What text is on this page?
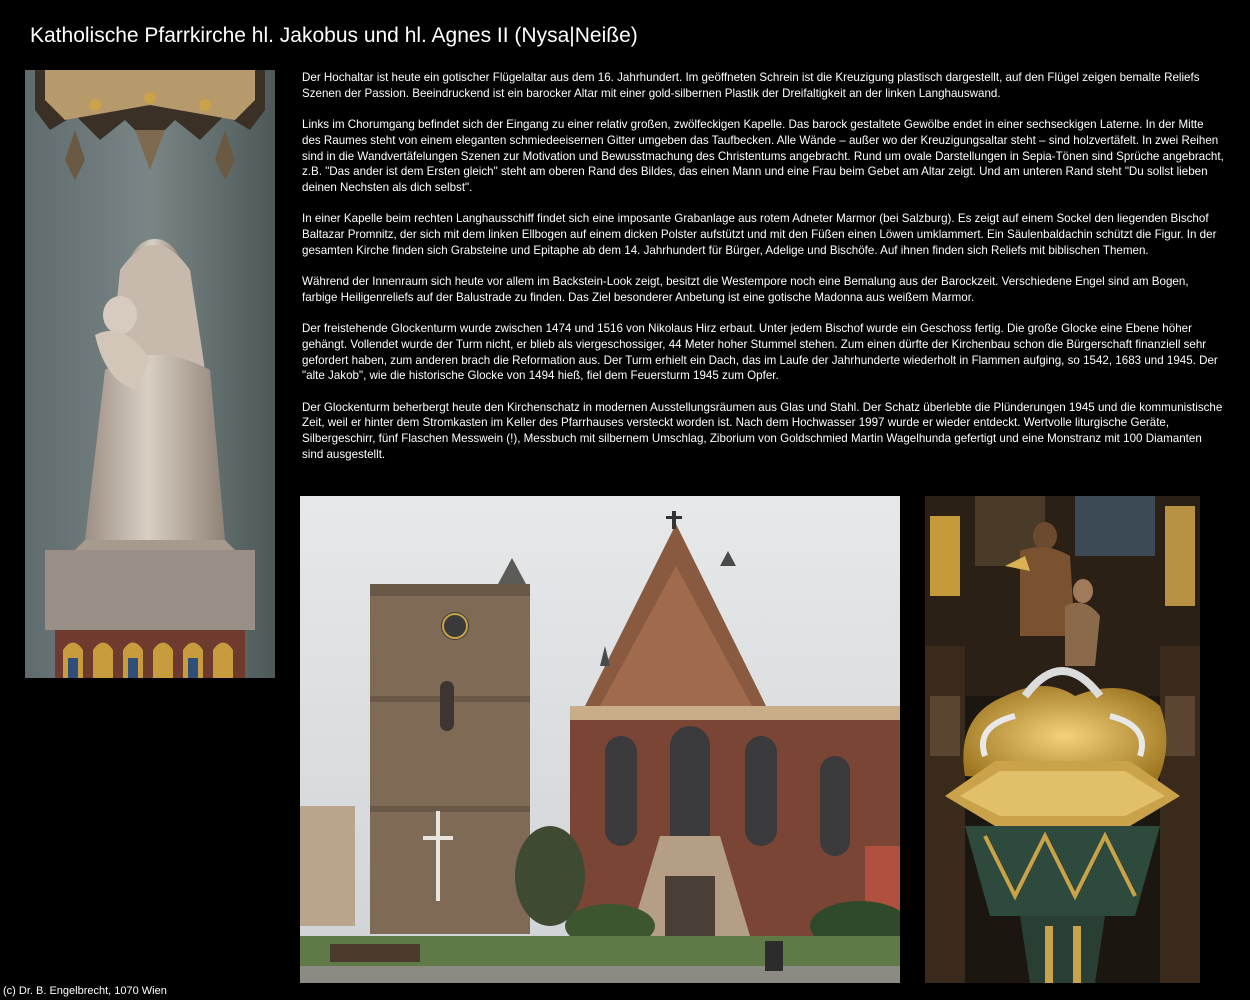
Katholische Pfarrkirche hl. Jakobus und hl. Agnes II (Nysa|Neiße)

Der Hochaltar ist heute ein gotischer Flügelaltar aus dem 16. Jahrhundert. Im geöffneten Schrein ist die Kreuzigung plastisch dargestellt, auf den Flügel zeigen bemalte Reliefs Szenen der Passion. Beeindruckend ist ein barocker Altar mit einer gold-silbernen Plastik der Dreifaltigkeit an der linken Langhauswand.

Links im Chorumgang befindet sich der Eingang zu einer relativ großen, zwölfeckigen Kapelle. Das barock gestaltete Gewölbe endet in einer sechseckigen Laterne. In der Mitte des Raumes steht von einem eleganten schmiedeeisernen Gitter umgeben das Taufbecken. Alle Wände – außer wo der Kreuzigungsaltar steht – sind holzvertäfelt. In zwei Reihen sind in die Wandvertäfelungen Szenen zur Motivation und Bewusstmachung des Christentums angebracht. Rund um ovale Darstellungen in Sepia-Tönen sind Sprüche angebracht, z.B. "Das ander ist dem Ersten gleich" steht am oberen Rand des Bildes, das einen Mann und eine Frau beim Gebet am Altar zeigt. Und am unteren Rand steht "Du sollst lieben deinen Nechsten als dich selbst".

In einer Kapelle beim rechten Langhausschiff findet sich eine imposante Grabanlage aus rotem Adneter Marmor (bei Salzburg). Es zeigt auf einem Sockel den liegenden Bischof Baltazar Promnitz, der sich mit dem linken Ellbogen auf einem dicken Polster aufstützt und mit den Füßen einen Löwen umklammert. Ein Säulenbaldachin schützt die Figur. In der gesamten Kirche finden sich Grabsteine und Epitaphe ab dem 14. Jahrhundert für Bürger, Adelige und Bischöfe. Auf ihnen finden sich Reliefs mit biblischen Themen.

Während der Innenraum sich heute vor allem im Backstein-Look zeigt, besitzt die Westempore noch eine Bemalung aus der Barockzeit. Verschiedene Engel sind am Bogen, farbige Heiligenreliefs auf der Balustrade zu finden. Das Ziel besonderer Anbetung ist eine gotische Madonna aus weißem Marmor.

Der freistehende Glockenturm wurde zwischen 1474 und 1516 von Nikolaus Hirz erbaut. Unter jedem Bischof wurde ein Geschoss fertig. Die große Glocke eine Ebene höher gehängt. Vollendet wurde der Turm nicht, er blieb als viergeschossiger, 44 Meter hoher Stummel stehen. Zum einen dürfte der Kirchenbau schon die Bürgerschaft finanziell sehr gefordert haben, zum anderen brach die Reformation aus. Der Turm erhielt ein Dach, das im Laufe der Jahrhunderte wiederholt in Flammen aufging, so 1542, 1683 und 1945. Der "alte Jakob", wie die historische Glocke von 1494 hieß, fiel dem Feuersturm 1945 zum Opfer.

Der Glockenturm beherbergt heute den Kirchenschatz in modernen Ausstellungsräumen aus Glas und Stahl. Der Schatz überlebte die Plünderungen 1945 und die kommunistische Zeit, weil er hinter dem Stromkasten im Keller des Pfarrhauses versteckt worden ist. Nach dem Hochwasser 1997 wurde er wieder entdeckt. Wertvolle liturgische Geräte, Silbergeschirr, fünf Flaschen Messwein (!), Messbuch mit silbernem Umschlag, Ziborium von Goldschmied Martin Wagelhunda gefertigt und eine Monstranz mit 100 Diamanten sind ausgestellt.

(c) Dr. B. Engelbrecht, 1070 Wien
